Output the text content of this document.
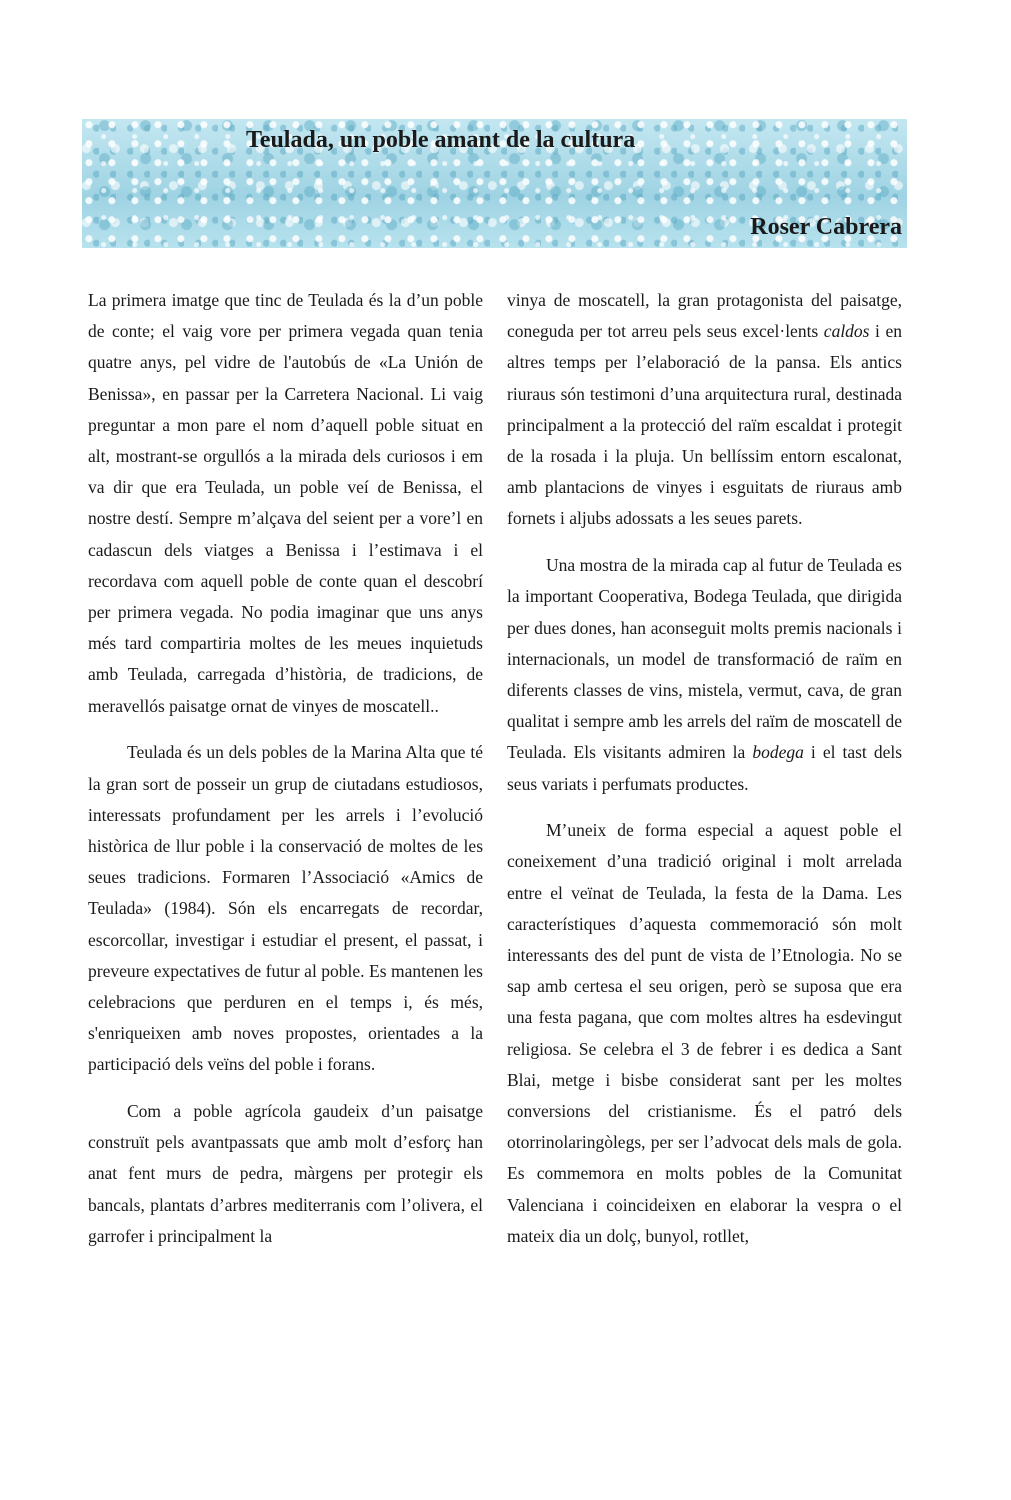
Teulada, un poble amant de la cultura
Roser Cabrera

La primera imatge que tinc de Teulada és la d’un poble de conte; el vaig vore per primera vegada quan tenia quatre anys, pel vidre de l'autobús de «La Unión de Benissa», en passar per la Carretera Nacional. Li vaig preguntar a mon pare el nom d’aquell poble situat en alt, mostrant-se orgullós a la mirada dels curiosos i em va dir que era Teulada, un poble veí de Benissa, el nostre destí. Sempre m’alçava del seient per a vore’l en cadascun dels viatges a Benissa i l’estimava i el recordava com aquell poble de conte quan el descobrí per primera vegada. No podia imaginar que uns anys més tard compartiria moltes de les meues inquietuds amb Teulada, carregada d’història, de tradicions, de meravellós paisatge ornat de vinyes de moscatell..

Teulada és un dels pobles de la Marina Alta que té la gran sort de posseir un grup de ciutadans estudiosos, interessats profundament per les arrels i l’evolució històrica de llur poble i la conservació de moltes de les seues tradicions. Formaren l’Associació «Amics de Teulada» (1984). Són els encarregats de recordar, escorcollar, investigar i estudiar el present, el passat, i preveure expectatives de futur al poble. Es mantenen les celebracions que perduren en el temps i, és més, s'enriqueixen amb noves propostes, orientades a la participació dels veïns del poble i forans.

Com a poble agrícola gaudeix d’un paisatge construït pels avantpassats que amb molt d’esforç han anat fent murs de pedra, màrgens per protegir els bancals, plantats d’arbres mediterranis com l’olivera, el garrofer i principalment la

vinya de moscatell, la gran protagonista del paisatge, coneguda per tot arreu pels seus excel·lents caldos i en altres temps per l’elaboració de la pansa. Els antics riuraus són testimoni d’una arquitectura rural, destinada principalment a la protecció del raïm escaldat i protegit de la rosada i la pluja. Un bellíssim entorn escalonat, amb plantacions de vinyes i esguitats de riuraus amb fornets i aljubs adossats a les seues parets.

Una mostra de la mirada cap al futur de Teulada es la important Cooperativa, Bodega Teulada, que dirigida per dues dones, han aconseguit molts premis nacionals i internacionals, un model de transformació de raïm en diferents classes de vins, mistela, vermut, cava, de gran qualitat i sempre amb les arrels del raïm de moscatell de Teulada. Els visitants admiren la bodega i el tast dels seus variats i perfumats productes.

M’uneix de forma especial a aquest poble el coneixement d’una tradició original i molt arrelada entre el veïnat de Teulada, la festa de la Dama. Les característiques d’aquesta commemoració són molt interessants des del punt de vista de l’Etnologia. No se sap amb certesa el seu origen, però se suposa que era una festa pagana, que com moltes altres ha esdevingut religiosa. Se celebra el 3 de febrer i es dedica a Sant Blai, metge i bisbe considerat sant per les moltes conversions del cristianisme. És el patró dels otorrinolaringòlegs, per ser l’advocat dels mals de gola. Es commemora en molts pobles de la Comunitat Valenciana i coincideixen en elaborar la vespra o el mateix dia un dolç, bunyol, rotllet,
